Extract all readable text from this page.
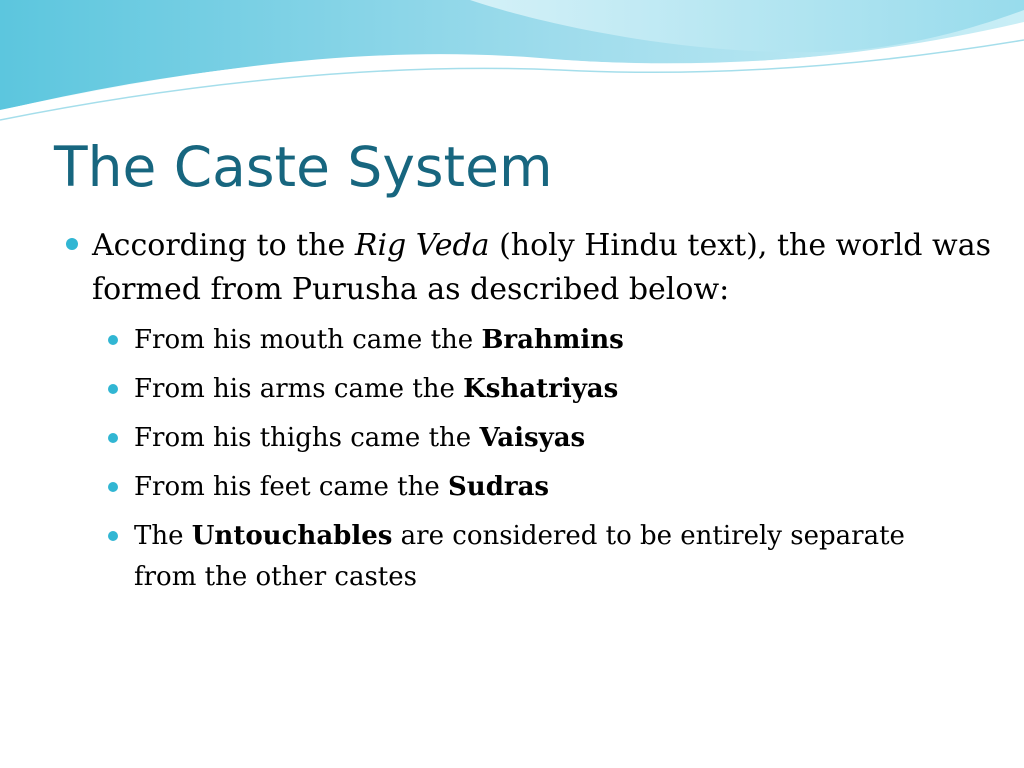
The Caste System
According to the Rig Veda (holy Hindu text), the world was formed from Purusha as described below:
From his mouth came the Brahmins
From his arms came the Kshatriyas
From his thighs came the Vaisyas
From his feet came the Sudras
The Untouchables are considered to be entirely separate from the other castes
